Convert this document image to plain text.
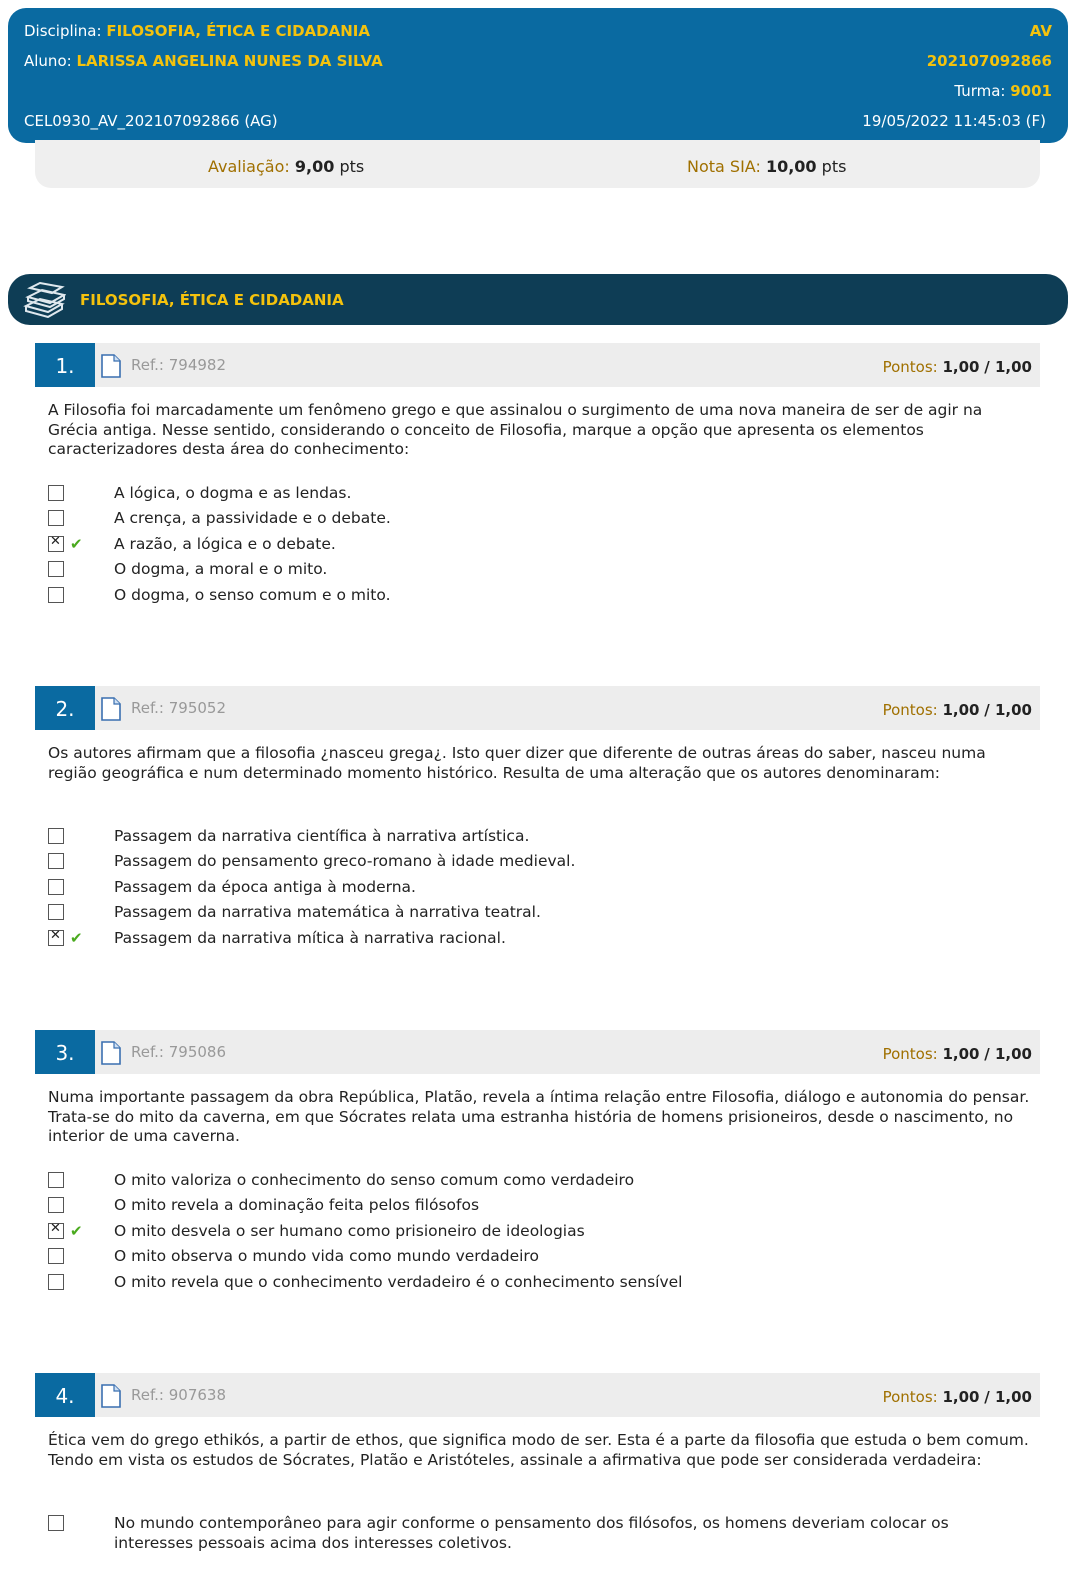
Disciplina: FILOSOFIA, ÉTICA E CIDADANIA	AV
Aluno: LARISSA ANGELINA NUNES DA SILVA	202107092866
Turma: 9001
CEL0930_AV_202107092866 (AG)	19/05/2022 11:45:03 (F)
Avaliação: 9,00 pts	Nota SIA: 10,00 pts
FILOSOFIA, ÉTICA E CIDADANIA
1.	Ref.: 794982	Pontos: 1,00 / 1,00
A Filosofia foi marcadamente um fenômeno grego e que assinalou o surgimento de uma nova maneira de ser de agir na Grécia antiga. Nesse sentido, considerando o conceito de Filosofia, marque a opção que apresenta os elementos caracterizadores desta área do conhecimento:
A lógica, o dogma e as lendas.
A crença, a passividade e o debate.
✕
✔ A razão, a lógica e o debate.
O dogma, a moral e o mito.
O dogma, o senso comum e o mito.
2.	Ref.: 795052	Pontos: 1,00 / 1,00
Os autores afirmam que a filosofia ¿nasceu grega¿. Isto quer dizer que diferente de outras áreas do saber, nasceu numa região geográfica e num determinado momento histórico. Resulta de uma alteração que os autores denominaram:
Passagem da narrativa científica à narrativa artística.
Passagem do pensamento greco-romano à idade medieval.
Passagem da época antiga à moderna.
Passagem da narrativa matemática à narrativa teatral.
✕
✔ Passagem da narrativa mítica à narrativa racional.
3.	Ref.: 795086	Pontos: 1,00 / 1,00
Numa importante passagem da obra República, Platão, revela a íntima relação entre Filosofia, diálogo e autonomia do pensar. Trata-se do mito da caverna, em que Sócrates relata uma estranha história de homens prisioneiros, desde o nascimento, no interior de uma caverna.
O mito valoriza o conhecimento do senso comum como verdadeiro
O mito revela a dominação feita pelos filósofos
✕
✔ O mito desvela o ser humano como prisioneiro de ideologias
O mito observa o mundo vida como mundo verdadeiro
O mito revela que o conhecimento verdadeiro é o conhecimento sensível
4.	Ref.: 907638	Pontos: 1,00 / 1,00
Ética vem do grego ethikós, a partir de ethos, que significa modo de ser. Esta é a parte da filosofia que estuda o bem comum. Tendo em vista os estudos de Sócrates, Platão e Aristóteles, assinale a afirmativa que pode ser considerada verdadeira:
No mundo contemporâneo para agir conforme o pensamento dos filósofos, os homens deveriam colocar os interesses pessoais acima dos interesses coletivos.
